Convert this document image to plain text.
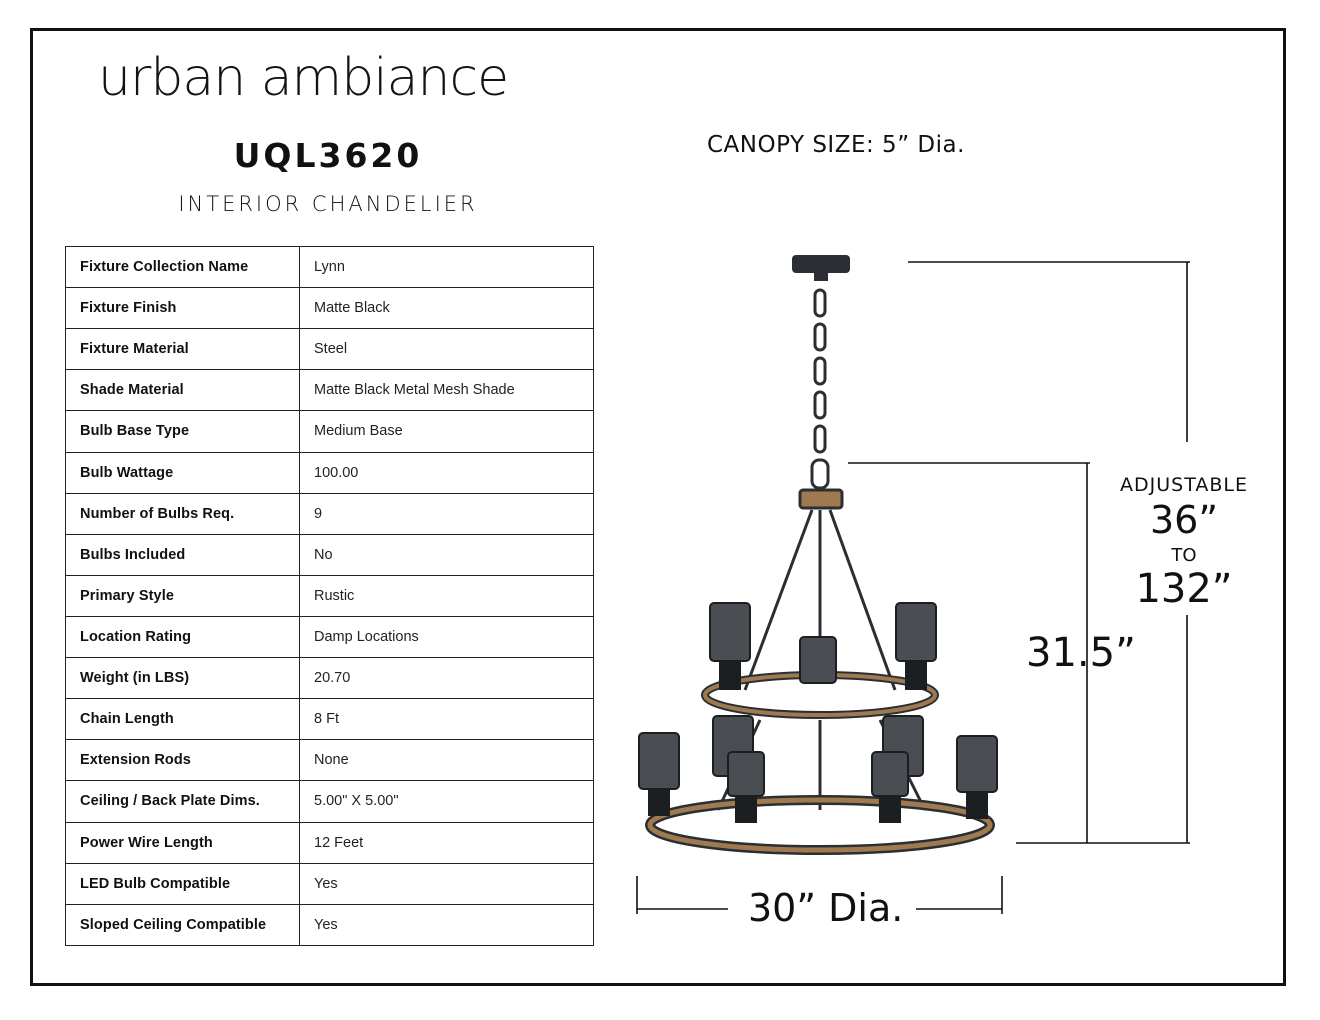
urban ambiance
UQL3620
INTERIOR CHANDELIER
CANOPY SIZE: 5” Dia.
Fixture Collection Name	Lynn
Fixture Finish	Matte Black
Fixture Material	Steel
Shade Material	Matte Black Metal Mesh Shade
Bulb Base Type	Medium Base
Bulb Wattage	100.00
Number of Bulbs Req.	9
Bulbs Included	No
Primary Style	Rustic
Location Rating	Damp Locations
Weight (in LBS)	20.70
Chain Length	8 Ft
Extension Rods	None
Ceiling / Back Plate Dims.	5.00" X 5.00"
Power Wire Length	12 Feet
LED Bulb Compatible	Yes
Sloped Ceiling Compatible	Yes
ADJUSTABLE
36”
TO
132”
31.5”
30” Dia.
